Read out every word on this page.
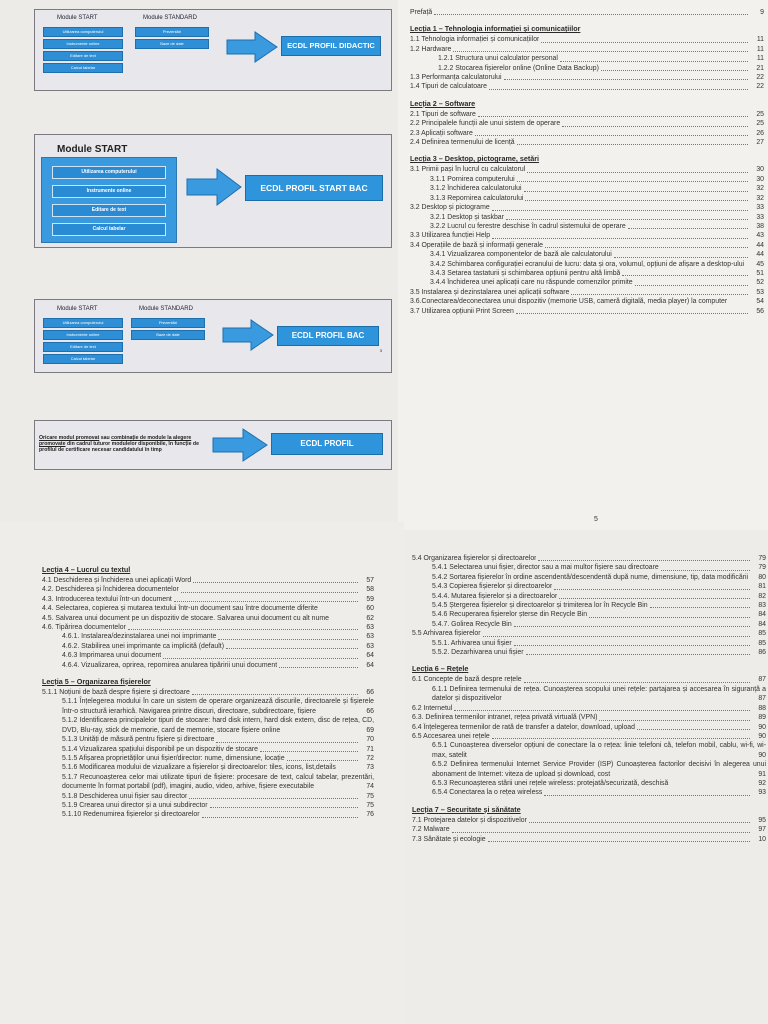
Module START	Module STANDARD
Utilizarea computerului
Instrumente online
Editare de text
Calcul tabelar
Prezentări
Baze de date	ECDL PROFIL DIDACTIC
Module START
Utilizarea computerului
Instrumente online
Editare de text
Calcul tabelar
ECDL PROFIL START BAC
Module START	Module STANDARD
Utilizarea computerului
Instrumente online
Editare de text
Calcul tabelar
Prezentări
Baze de date	ECDL PROFIL BAC
5
Oricare modul promovat sau combinație de module la alegere promovate din cadrul tuturor modulelor disponibile, în funcție de profilul de certificare necesar candidatului în timp
ECDL PROFIL
Prefață	9
Lecția 1 – Tehnologia informației și comunicațiilor
1.1 Tehnologia informației și comunicațiilor	11
1.2 Hardware	11
1.2.1 Structura unui calculator personal	11
1.2.2 Stocarea fișierelor online (Online Data Backup)	21
1.3 Performanța calculatorului	22
1.4 Tipuri de calculatoare	22
Lecția 2 – Software
2.1 Tipuri de software	25
2.2 Principalele funcții ale unui sistem de operare	25
2.3 Aplicații software	26
2.4 Definirea termenului de licență	27
Lecția 3 – Desktop, pictograme, setări
3.1 Primii pași în lucrul cu calculatorul	30
3.1.1 Pornirea computerului	30
3.1.2 Închiderea calculatorului	32
3.1.3 Repornirea calculatorului	32
3.2 Desktop și pictograme	33
3.2.1 Desktop și taskbar	33
3.2.2 Lucrul cu ferestre deschise în cadrul sistemului de operare	38
3.3 Utilizarea funcției Help	43
3.4 Operațiile de bază și informații generale	44
3.4.1 Vizualizarea componentelor de bază ale calculatorului	44
3.4.2 Schimbarea configurației ecranului de lucru: data și ora, volumul, opțiuni de afișare a desktop-ului 45
3.4.3 Setarea tastaturii și schimbarea opțiunii pentru altă limbă	51
3.4.4 Închiderea unei aplicații care nu răspunde comenzilor primite	52
3.5 Instalarea și dezinstalarea unei aplicații software	53
3.6.Conectarea/deconectarea unui dispozitiv (memorie USB, cameră digitală, media player) la computer	54
3.7 Utilizarea opțiunii Print Screen	56
5
Lecția 4 – Lucrul cu textul
4.1 Deschiderea și închiderea unei aplicații Word	57
4.2. Deschiderea și închiderea documentelor	58
4.3. Introducerea textului într-un document	59
4.4. Selectarea, copierea și mutarea textului într-un document sau între documente diferite	60
4.5. Salvarea unui document pe un dispozitiv de stocare. Salvarea unui document cu alt nume	62
4.6. Tipărirea documentelor	63
4.6.1. Instalarea/dezinstalarea unei noi imprimante	63
4.6.2. Stabilirea unei imprimante ca implicită (default)	63
4.6.3 Imprimarea unui document	64
4.6.4. Vizualizarea, oprirea, repornirea anularea tipăririi unui document	64
Lecția 5 – Organizarea fișierelor
5.1.1 Noțiuni de bază despre fișiere și directoare	66
5.1.1 Înțelegerea modului în care un sistem de operare organizează discurile, directoarele și fișierele într-o structură ierarhică. Navigarea printre discuri, directoare, subdirectoare, fișiere	66
5.1.2 Identificarea principalelor tipuri de stocare: hard disk intern, hard disk extern, disc de rețea, CD, DVD, Blu-ray, stick de memorie, card de memorie, stocare fișiere online	69
5.1.3 Unități de măsură pentru fișiere și directoare	70
5.1.4 Vizualizarea spațiului disponibil pe un dispozitiv de stocare	71
5.1.5 Afișarea proprietăților unui fișier/director: nume, dimensiune, locație	72
5.1.6 Modificarea modului de vizualizare a fișierelor și directoarelor: tiles, icons, list,details	73
5.1.7 Recunoașterea celor mai utilizate tipuri de fișiere: procesare de text, calcul tabelar, prezentări, documente în format portabil (pdf), imagini, audio, video, arhive, fișiere executabile	74
5.1.8 Deschiderea unui fișier sau director	75
5.1.9 Crearea unui director și a unui subdirector	75
5.1.10 Redenumirea fișierelor și directoarelor	76
5.4 Organizarea fișierelor și directoarelor	79
5.4.1 Selectarea unui fișier, director sau a mai multor fișiere sau directoare	79
5.4.2 Sortarea fișierelor în ordine ascendentă/descendentă după nume, dimensiune, tip, data modificării 80
5.4.3 Copierea fișierelor și directoarelor	81
5.4.4. Mutarea fișierelor și a directoarelor	82
5.4.5 Ștergerea fișierelor și directoarelor și trimiterea lor în Recycle Bin	83
5.4.6 Recuperarea fișierelor șterse din Recycle Bin	84
5.4.7. Golirea Recycle Bin	84
5.5 Arhivarea fișierelor	85
5.5.1. Arhivarea unui fișier	85
5.5.2. Dezarhivarea unui fișier	86
Lecția 6 – Rețele
6.1 Concepte de bază despre rețele	87
6.1.1 Definirea termenului de rețea. Cunoașterea scopului unei rețele: partajarea și accesarea în siguranță a datelor și dispozitivelor	87
6.2 Internetul	88
6.3. Definirea termenilor intranet, rețea privată virtuală (VPN)	89
6.4 Înțelegerea termenilor de rată de transfer a datelor, download, upload	90
6.5 Accesarea unei rețele	90
6.5.1 Cunoașterea diverselor opțiuni de conectare la o rețea: linie telefoni că, telefon mobil, cablu, wi-fi, wi-max, satelit	90
6.5.2 Definirea termenului Internet Service Provider (ISP) Cunoașterea factorilor decisivi în alegerea unui abonament de Internet: viteza de upload și download, cost	91
6.5.3 Recunoașterea stării unei rețele wireless: protejată/securizată, deschisă	92
6.5.4 Conectarea la o rețea wireless	93
Lecția 7 – Securitate și sănătate
7.1 Protejarea datelor și dispozitivelor	95
7.2 Malware	97
7.3 Sănătate și ecologie	10
